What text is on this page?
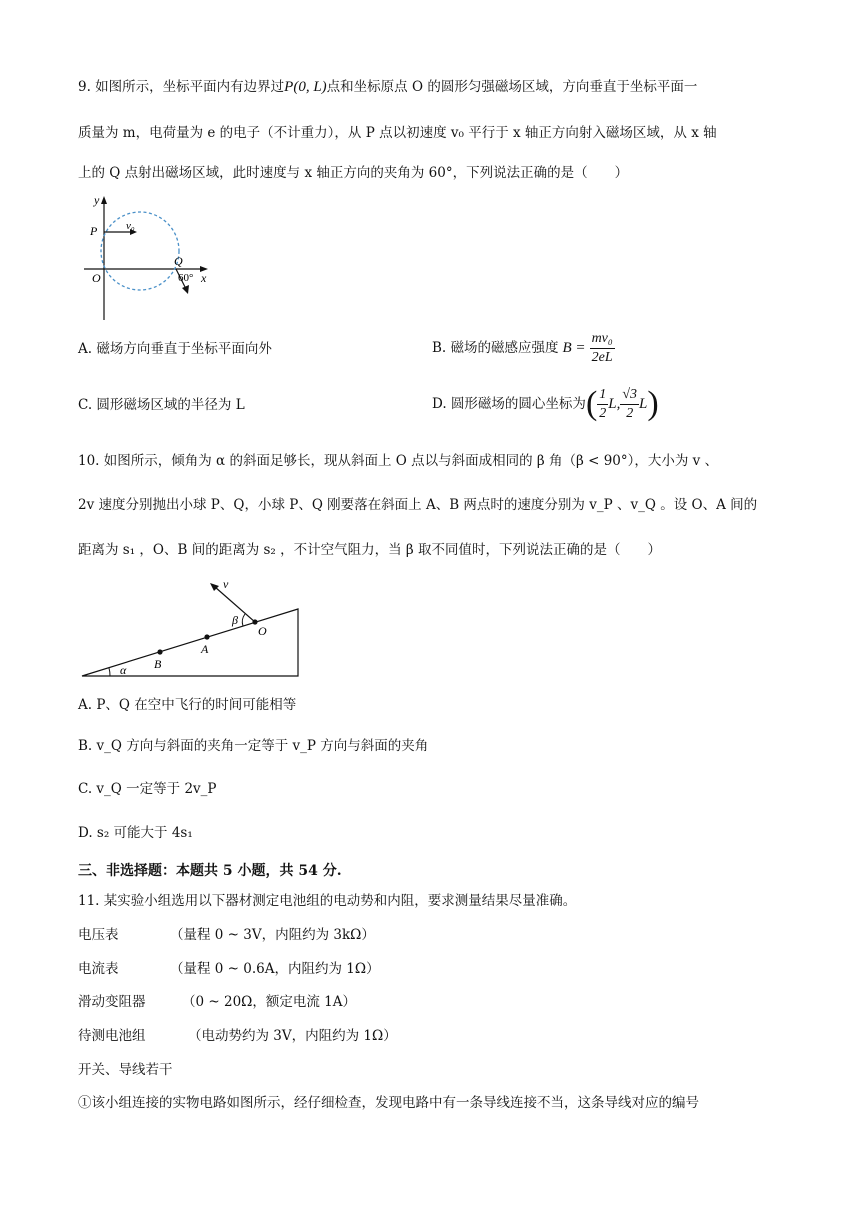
9. 如图所示，坐标平面内有边界过P(0, L)点和坐标原点 O 的圆形匀强磁场区域，方向垂直于坐标平面一
质量为 m，电荷量为 e 的电子（不计重力），从 P 点以初速度 v₀ 平行于 x 轴正方向射入磁场区域，从 x 轴
上的 Q 点射出磁场区域，此时速度与 x 轴正方向的夹角为 60°，下列说法正确的是（　　）
y
x
P	v₀
O
Q
60°
A. 磁场方向垂直于坐标平面向外	B. 磁场的磁感应强度 $B = \frac{\text{mv₀}}{2eL}$
C. 圆形磁场区域的半径为 L	D. 圆形磁场的圆心坐标为 ( $\frac{1}{2} L$, $\frac{√3}{2}$ L )
10. 如图所示，倾角为 α 的斜面足够长，现从斜面上 O 点以与斜面成相同的 β 角（β < 90°），大小为 v 、
2v 速度分别抛出小球 P、Q，小球 P、Q 刚要落在斜面上 A、B 两点时的速度分别为 v_P 、v_Q 。设 O、A 间的
距离为 s₁ ，O、B 间的距离为 s₂ ，不计空气阻力，当 β 取不同值时，下列说法正确的是（　　）
α B
A
O
v
β
A. P、Q 在空中飞行的时间可能相等
B. v_Q 方向与斜面的夹角一定等于 v_P 方向与斜面的夹角
C. v_Q 一定等于 2v_P
D. s₂ 可能大于 4s₁
三、非选择题：本题共 5 小题，共 54 分.
11. 某实验小组选用以下器材测定电池组的电动势和内阻，要求测量结果尽量准确。
电压表	（量程 0 ~ 3V，内阻约为 3kΩ）
电流表	（量程 0 ~ 0.6A，内阻约为 1Ω）
滑动变阻器	（0 ~ 20Ω，额定电流 1A）
待测电池组	（电动势约为 3V，内阻约为 1Ω）
开关、导线若干
①该小组连接的实物电路如图所示，经仔细检查，发现电路中有一条导线连接不当，这条导线对应的编号
